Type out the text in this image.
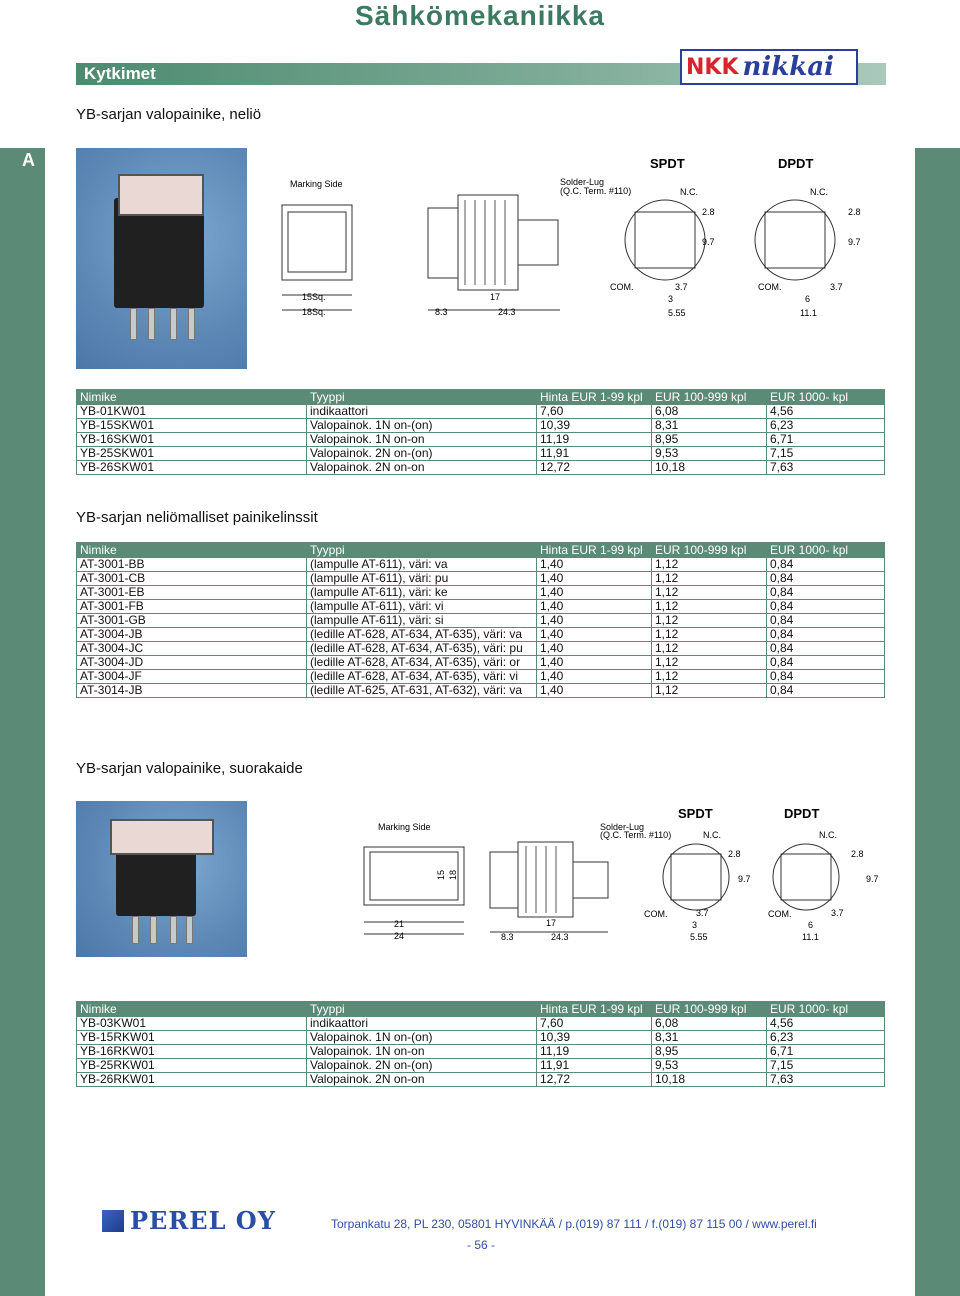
A
Sähkömekaniikka
Kytkimet	NKK nikkai
YB-sarjan valopainike, neliö
Marking Side
15Sq.
18Sq.
Solder-Lug
(Q.C. Term. #110)
17
8.3	24.3
SPDT	DPDT
N.C.	N.C.
COM.	COM.
2.8
9.7
3.7
3
5.55
2.8
9.7
3.7
6
11.1
Nimike	Tyyppi	Hinta EUR 1-99 kpl	EUR 100-999 kpl	EUR 1000- kpl
YB-01KW01	indikaattori	7,60	6,08	4,56
YB-15SKW01	Valopainok. 1N on-(on)	10,39	8,31	6,23
YB-16SKW01	Valopainok. 1N on-on	11,19	8,95	6,71
YB-25SKW01	Valopainok. 2N on-(on)	11,91	9,53	7,15
YB-26SKW01	Valopainok. 2N on-on	12,72	10,18	7,63
YB-sarjan neliömalliset painikelinssit
Nimike	Tyyppi	Hinta EUR 1-99 kpl	EUR 100-999 kpl	EUR 1000- kpl
AT-3001-BB	(lampulle AT-611), väri: va	1,40	1,12	0,84
AT-3001-CB	(lampulle AT-611), väri: pu	1,40	1,12	0,84
AT-3001-EB	(lampulle AT-611), väri: ke	1,40	1,12	0,84
AT-3001-FB	(lampulle AT-611), väri: vi	1,40	1,12	0,84
AT-3001-GB	(lampulle AT-611), väri: si	1,40	1,12	0,84
AT-3004-JB	(ledille AT-628, AT-634, AT-635), väri: va	1,40	1,12	0,84
AT-3004-JC	(ledille AT-628, AT-634, AT-635), väri: pu	1,40	1,12	0,84
AT-3004-JD	(ledille AT-628, AT-634, AT-635), väri: or	1,40	1,12	0,84
AT-3004-JF	(ledille AT-628, AT-634, AT-635), väri: vi	1,40	1,12	0,84
AT-3014-JB	(ledille AT-625, AT-631, AT-632), väri: va	1,40	1,12	0,84
YB-sarjan valopainike, suorakaide
Marking Side
15 18
21
24
Solder-Lug
(Q.C. Term. #110)
17
8.3	24.3
SPDT	DPDT
N.C.	N.C.
COM.	COM.
2.8
9.7
3.7
3
5.55
2.8
9.7
3.7
6
11.1
Nimike	Tyyppi	Hinta EUR 1-99 kpl	EUR 100-999 kpl	EUR 1000- kpl
YB-03KW01	indikaattori	7,60	6,08	4,56
YB-15RKW01	Valopainok. 1N on-(on)	10,39	8,31	6,23
YB-16RKW01	Valopainok. 1N on-on	11,19	8,95	6,71
YB-25RKW01	Valopainok. 2N on-(on)	11,91	9,53	7,15
YB-26RKW01	Valopainok. 2N on-on	12,72	10,18	7,63
PEREL OY	Torpankatu 28, PL 230, 05801 HYVINKÄÄ / p.(019) 87 111 / f.(019) 87 115 00 / www.perel.fi
- 56 -
